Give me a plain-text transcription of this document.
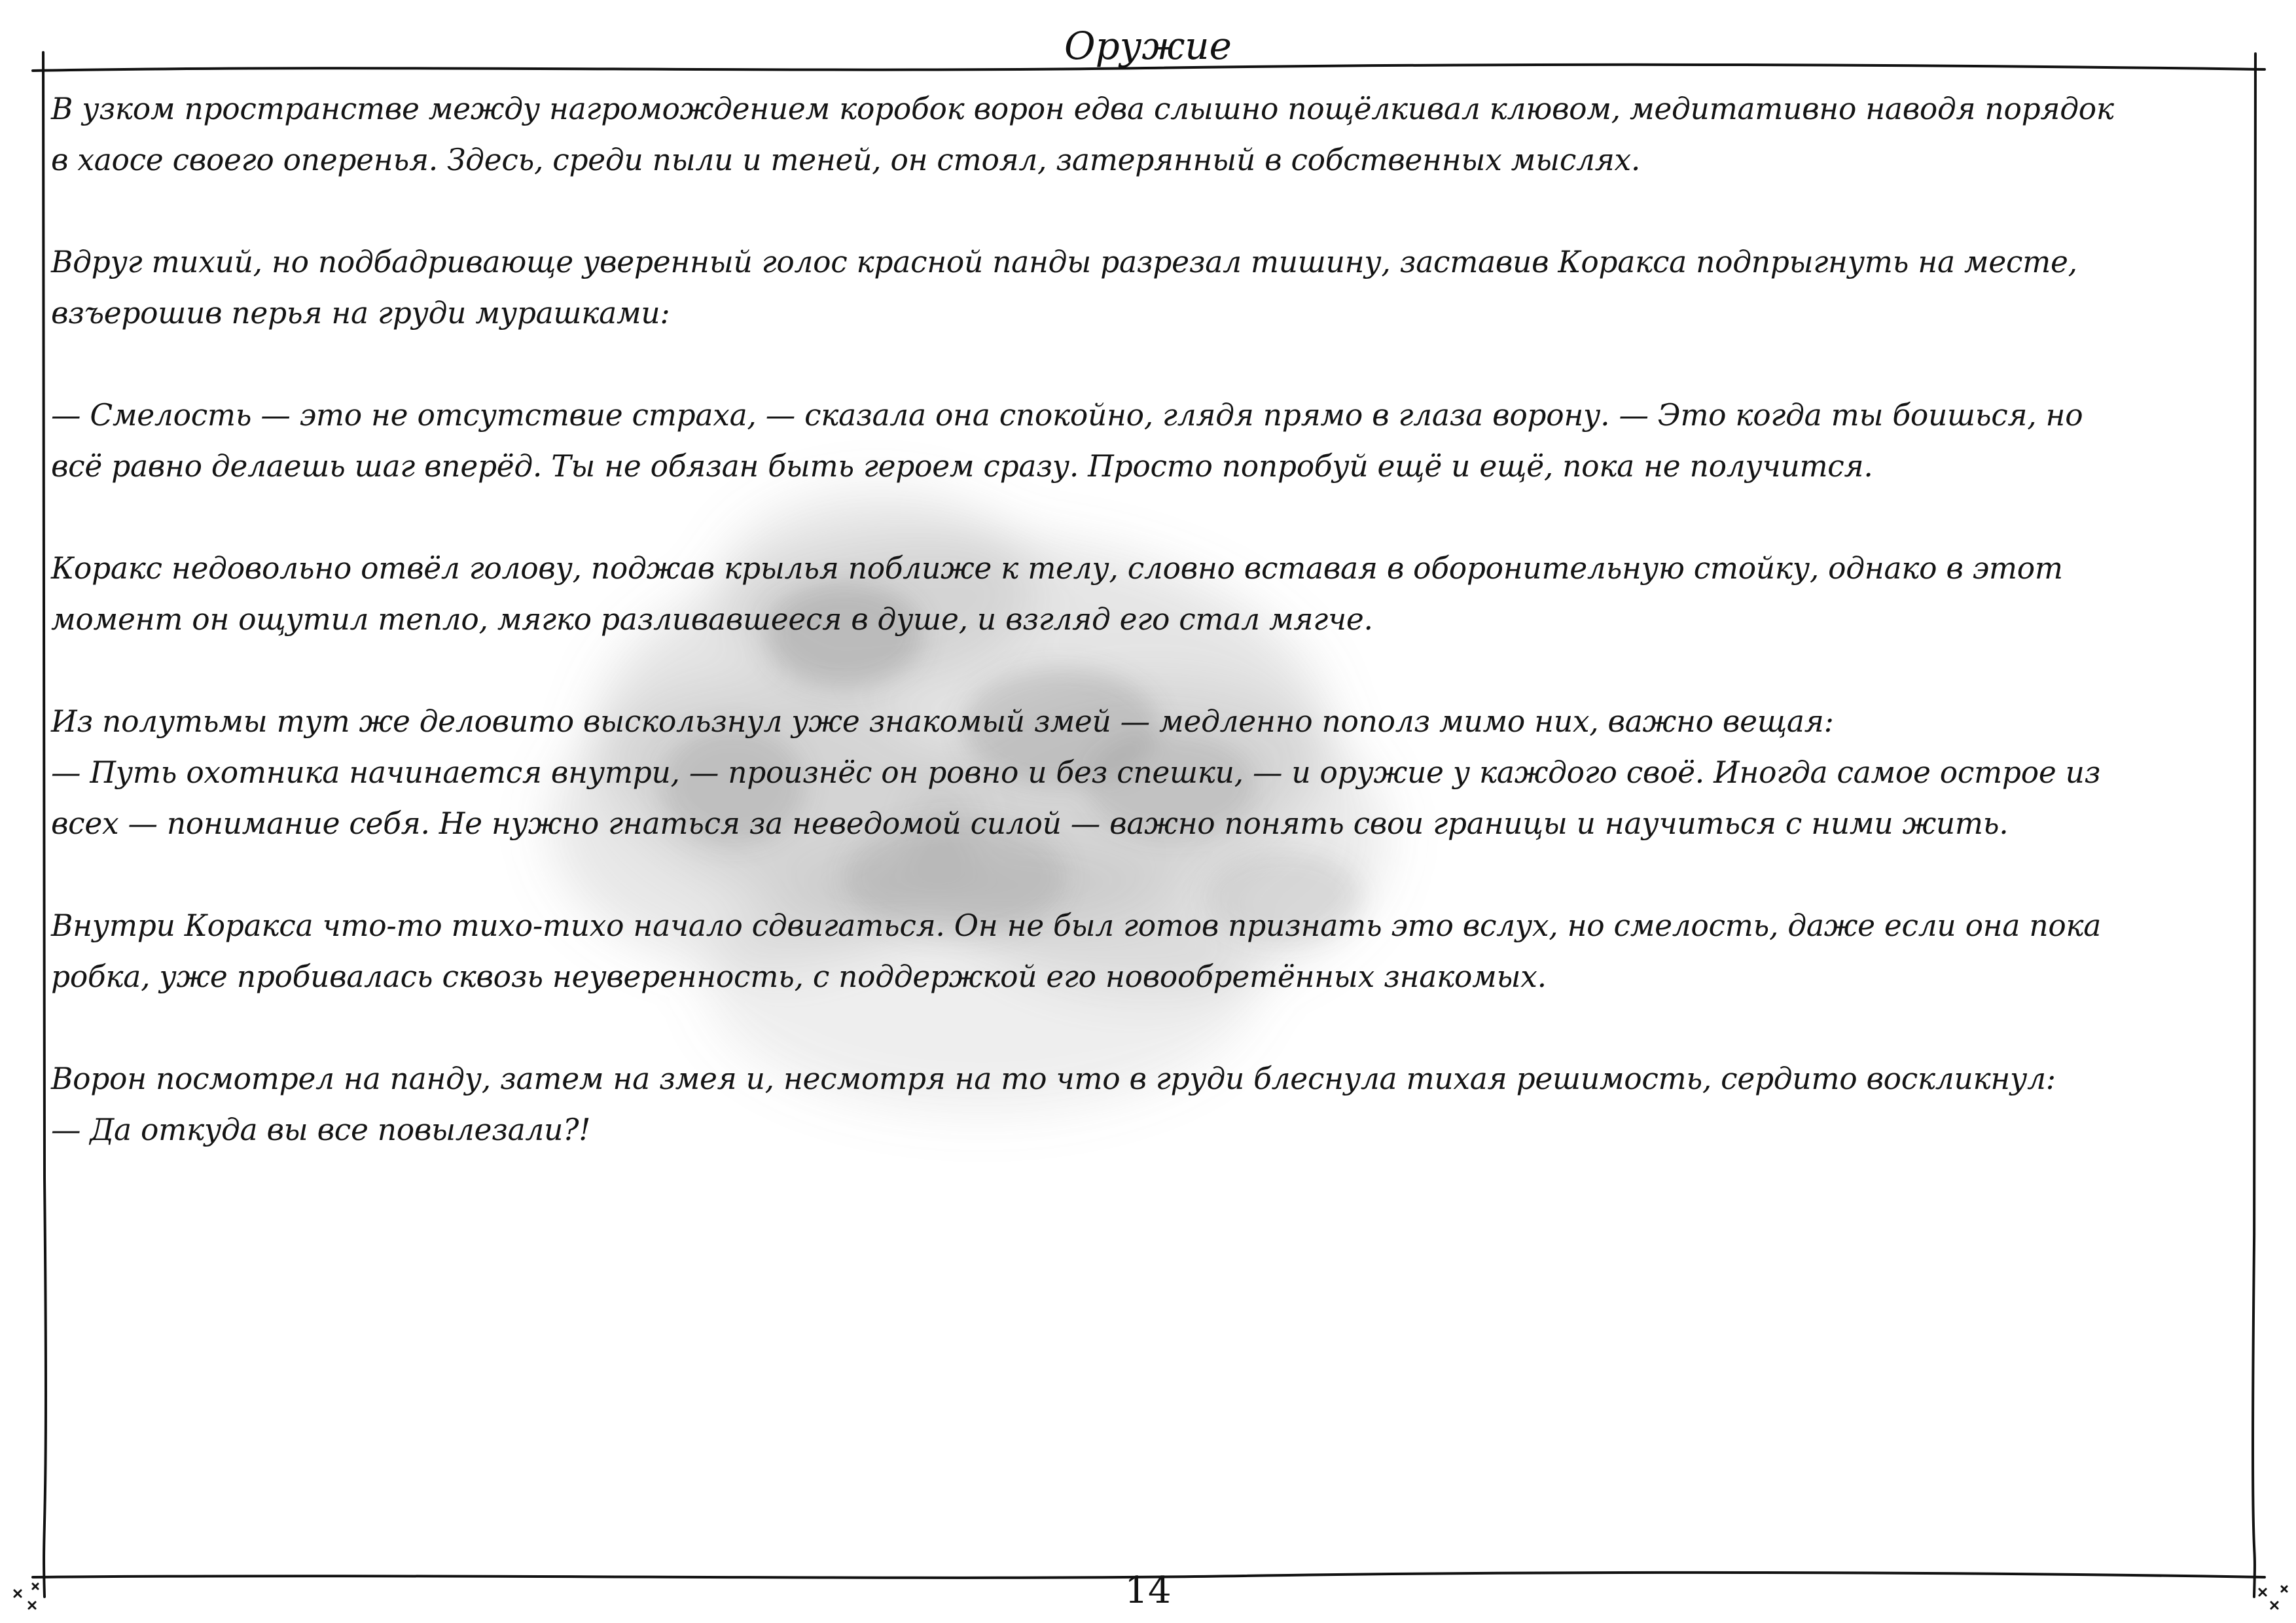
Оружие
В узком пространстве между нагромождением коробок ворон едва слышно пощёлкивал клювом, медитативно наводя порядок
в хаосе своего оперенья. Здесь, среди пыли и теней, он стоял, затерянный в собственных мыслях.
Вдруг тихий, но подбадривающе уверенный голос красной панды разрезал тишину, заставив Коракса подпрыгнуть на месте,
взъерошив перья на груди мурашками:
— Смелость — это не отсутствие страха, — сказала она спокойно, глядя прямо в глаза ворону. — Это когда ты боишься, но
всё равно делаешь шаг вперёд. Ты не обязан быть героем сразу. Просто попробуй ещё и ещё, пока не получится.
Коракс недовольно отвёл голову, поджав крылья поближе к телу, словно вставая в оборонительную стойку, однако в этот
момент он ощутил тепло, мягко разливавшееся в душе, и взгляд его стал мягче.
Из полутьмы тут же деловито выскользнул уже знакомый змей — медленно пополз мимо них, важно вещая:
— Путь охотника начинается внутри, — произнёс он ровно и без спешки, — и оружие у каждого своё. Иногда самое острое из
всех — понимание себя. Не нужно гнаться за неведомой силой — важно понять свои границы и научиться с ними жить.
Внутри Коракса что-то тихо-тихо начало сдвигаться. Он не был готов признать это вслух, но смелость, даже если она пока
робка, уже пробивалась сквозь неуверенность, с поддержкой его новообретённых знакомых.
Ворон посмотрел на панду, затем на змея и, несмотря на то что в груди блеснула тихая решимость, сердито воскликнул:
— Да откуда вы все повылезали?!
14
